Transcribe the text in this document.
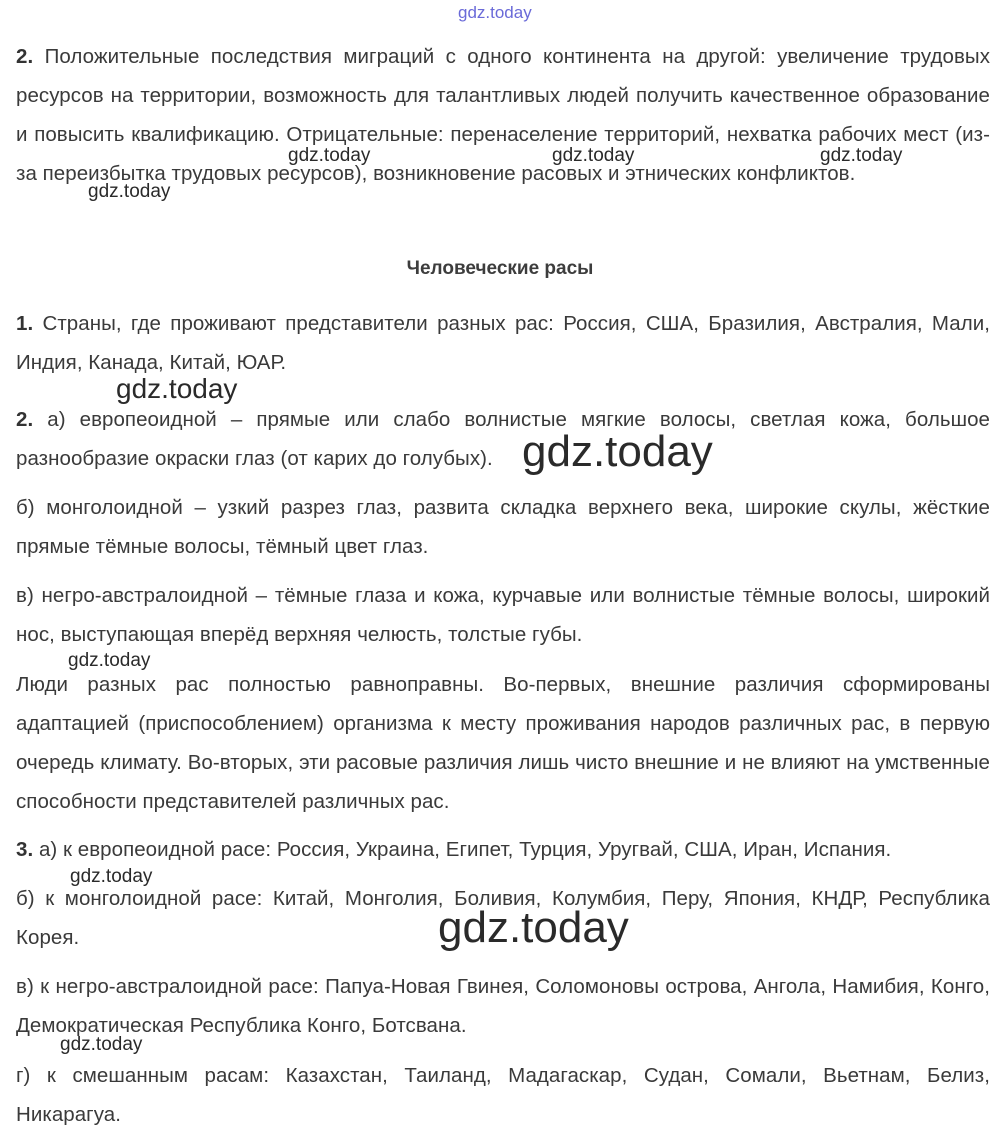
2. Положительные последствия миграций с одного континента на другой: увеличение трудовых ресурсов на территории, возможность для талантливых людей получить качественное образование и повысить квалификацию. Отрицательные: перенаселение территорий, нехватка рабочих мест (из-за переизбытка трудовых ресурсов), возникновение расовых и этнических конфликтов.
Человеческие расы
1. Страны, где проживают представители разных рас: Россия, США, Бразилия, Австралия, Мали, Индия, Канада, Китай, ЮАР.
2. а) европеоидной – прямые или слабо волнистые мягкие волосы, светлая кожа, большое разнообразие окраски глаз (от карих до голубых).
б) монголоидной – узкий разрез глаз, развита складка верхнего века, широкие скулы, жёсткие прямые тёмные волосы, тёмный цвет глаз.
в) негро-австралоидной – тёмные глаза и кожа, курчавые или волнистые тёмные волосы, широкий нос, выступающая вперёд верхняя челюсть, толстые губы.
Люди разных рас полностью равноправны. Во-первых, внешние различия сформированы адаптацией (приспособлением) организма к месту проживания народов различных рас, в первую очередь климату. Во-вторых, эти расовые различия лишь чисто внешние и не влияют на умственные способности представителей различных рас.
3. а) к европеоидной расе: Россия, Украина, Египет, Турция, Уругвай, США, Иран, Испания.
б) к монголоидной расе: Китай, Монголия, Боливия, Колумбия, Перу, Япония, КНДР, Республика Корея.
в) к негро-австралоидной расе: Папуа-Новая Гвинея, Соломоновы острова, Ангола, Намибия, Конго, Демократическая Республика Конго, Ботсвана.
г) к смешанным расам: Казахстан, Таиланд, Мадагаскар, Судан, Сомали, Вьетнам, Белиз, Никарагуа.
gdz.today
gdz.today	gdz.today	gdz.today
gdz.today
gdz.today
gdz.today
gdz.today
gdz.today
gdz.today
gdz.today
